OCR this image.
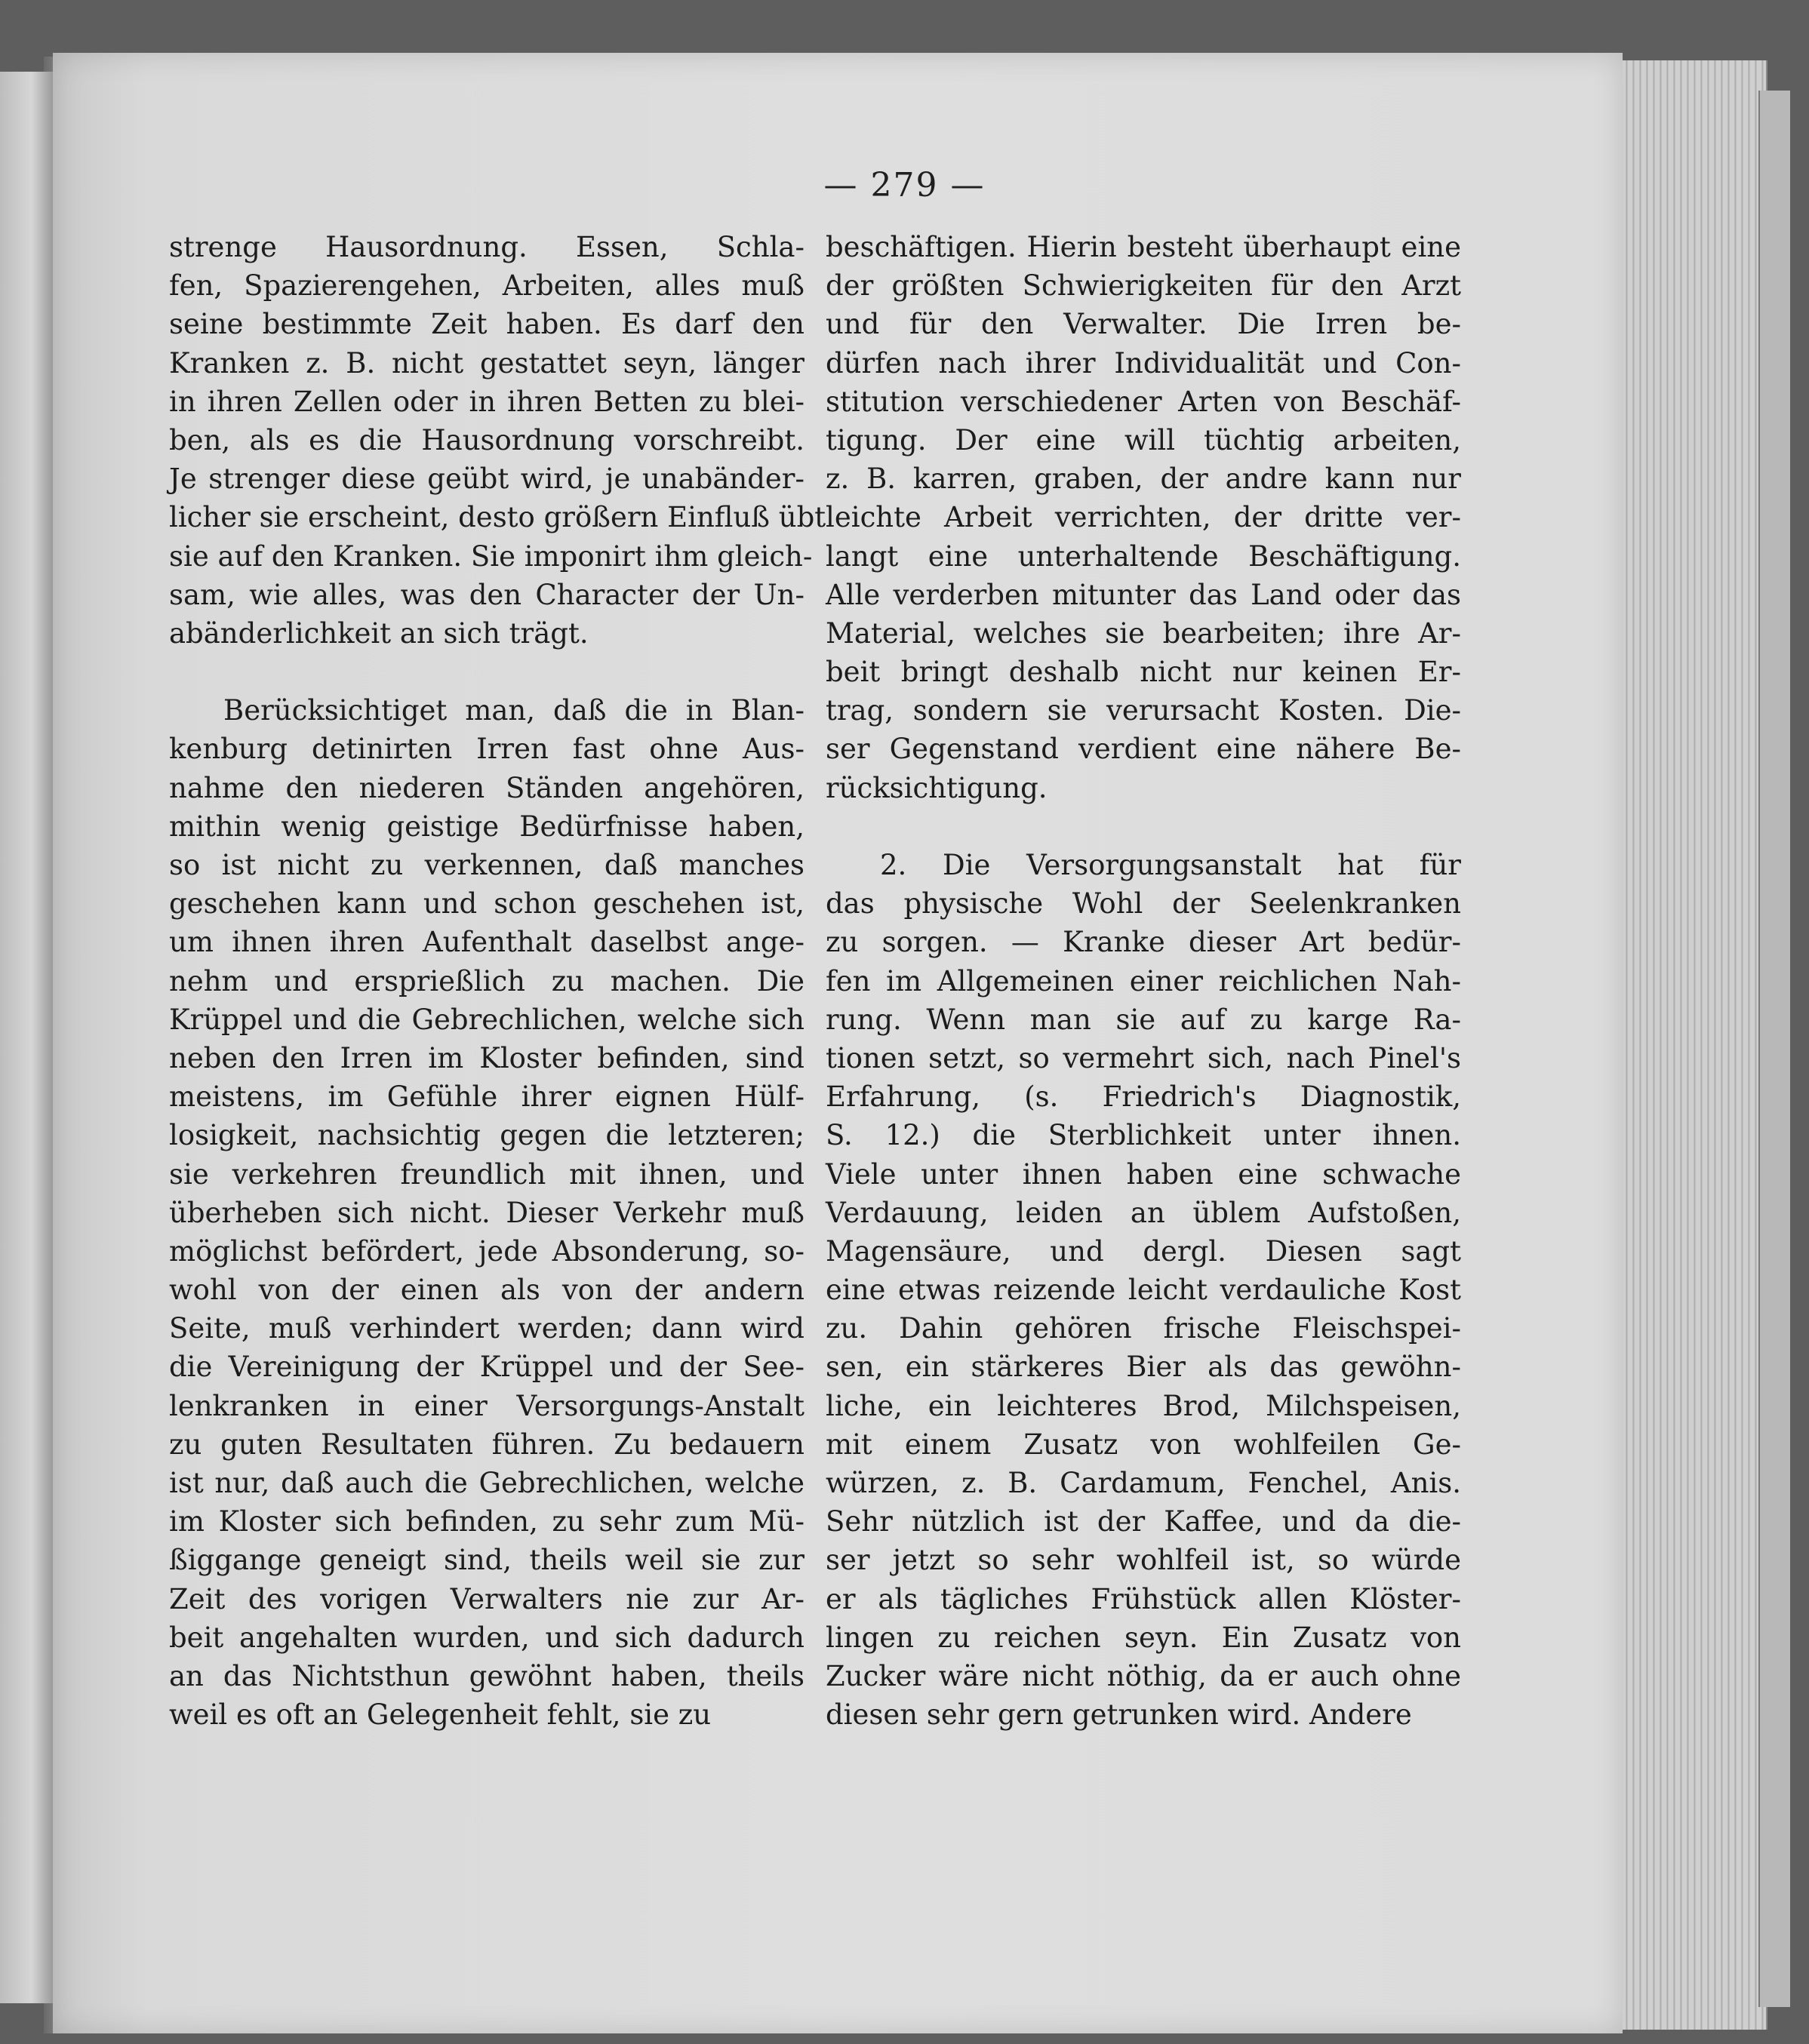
— 279 —
strenge Hausordnung. Essen, Schla-
fen, Spazierengehen, Arbeiten, alles muß
seine bestimmte Zeit haben. Es darf den
Kranken z. B. nicht gestattet seyn, länger
in ihren Zellen oder in ihren Betten zu blei-
ben, als es die Hausordnung vorschreibt.
Je strenger diese geübt wird, je unabänder-
licher sie erscheint, desto größern Einfluß übt
sie auf den Kranken. Sie imponirt ihm gleich-
sam, wie alles, was den Character der Un-
abänderlichkeit an sich trägt.
Berücksichtiget man, daß die in Blan-
kenburg detinirten Irren fast ohne Aus-
nahme den niederen Ständen angehören,
mithin wenig geistige Bedürfnisse haben,
so ist nicht zu verkennen, daß manches
geschehen kann und schon geschehen ist,
um ihnen ihren Aufenthalt daselbst ange-
nehm und ersprießlich zu machen. Die
Krüppel und die Gebrechlichen, welche sich
neben den Irren im Kloster befinden, sind
meistens, im Gefühle ihrer eignen Hülf-
losigkeit, nachsichtig gegen die letzteren;
sie verkehren freundlich mit ihnen, und
überheben sich nicht. Dieser Verkehr muß
möglichst befördert, jede Absonderung, so-
wohl von der einen als von der andern
Seite, muß verhindert werden; dann wird
die Vereinigung der Krüppel und der See-
lenkranken in einer Versorgungs-Anstalt
zu guten Resultaten führen. Zu bedauern
ist nur, daß auch die Gebrechlichen, welche
im Kloster sich befinden, zu sehr zum Mü-
ßiggange geneigt sind, theils weil sie zur
Zeit des vorigen Verwalters nie zur Ar-
beit angehalten wurden, und sich dadurch
an das Nichtsthun gewöhnt haben, theils
weil es oft an Gelegenheit fehlt, sie zu
beschäftigen. Hierin besteht überhaupt eine
der größten Schwierigkeiten für den Arzt
und für den Verwalter. Die Irren be-
dürfen nach ihrer Individualität und Con-
stitution verschiedener Arten von Beschäf-
tigung. Der eine will tüchtig arbeiten,
z. B. karren, graben, der andre kann nur
leichte Arbeit verrichten, der dritte ver-
langt eine unterhaltende Beschäftigung.
Alle verderben mitunter das Land oder das
Material, welches sie bearbeiten; ihre Ar-
beit bringt deshalb nicht nur keinen Er-
trag, sondern sie verursacht Kosten. Die-
ser Gegenstand verdient eine nähere Be-
rücksichtigung.
2. Die Versorgungsanstalt hat für
das physische Wohl der Seelenkranken
zu sorgen. — Kranke dieser Art bedür-
fen im Allgemeinen einer reichlichen Nah-
rung. Wenn man sie auf zu karge Ra-
tionen setzt, so vermehrt sich, nach Pinel's
Erfahrung, (s. Friedrich's Diagnostik,
S. 12.) die Sterblichkeit unter ihnen.
Viele unter ihnen haben eine schwache
Verdauung, leiden an üblem Aufstoßen,
Magensäure, und dergl. Diesen sagt
eine etwas reizende leicht verdauliche Kost
zu. Dahin gehören frische Fleischspei-
sen, ein stärkeres Bier als das gewöhn-
liche, ein leichteres Brod, Milchspeisen,
mit einem Zusatz von wohlfeilen Ge-
würzen, z. B. Cardamum, Fenchel, Anis.
Sehr nützlich ist der Kaffee, und da die-
ser jetzt so sehr wohlfeil ist, so würde
er als tägliches Frühstück allen Klöster-
lingen zu reichen seyn. Ein Zusatz von
Zucker wäre nicht nöthig, da er auch ohne
diesen sehr gern getrunken wird. Andere
